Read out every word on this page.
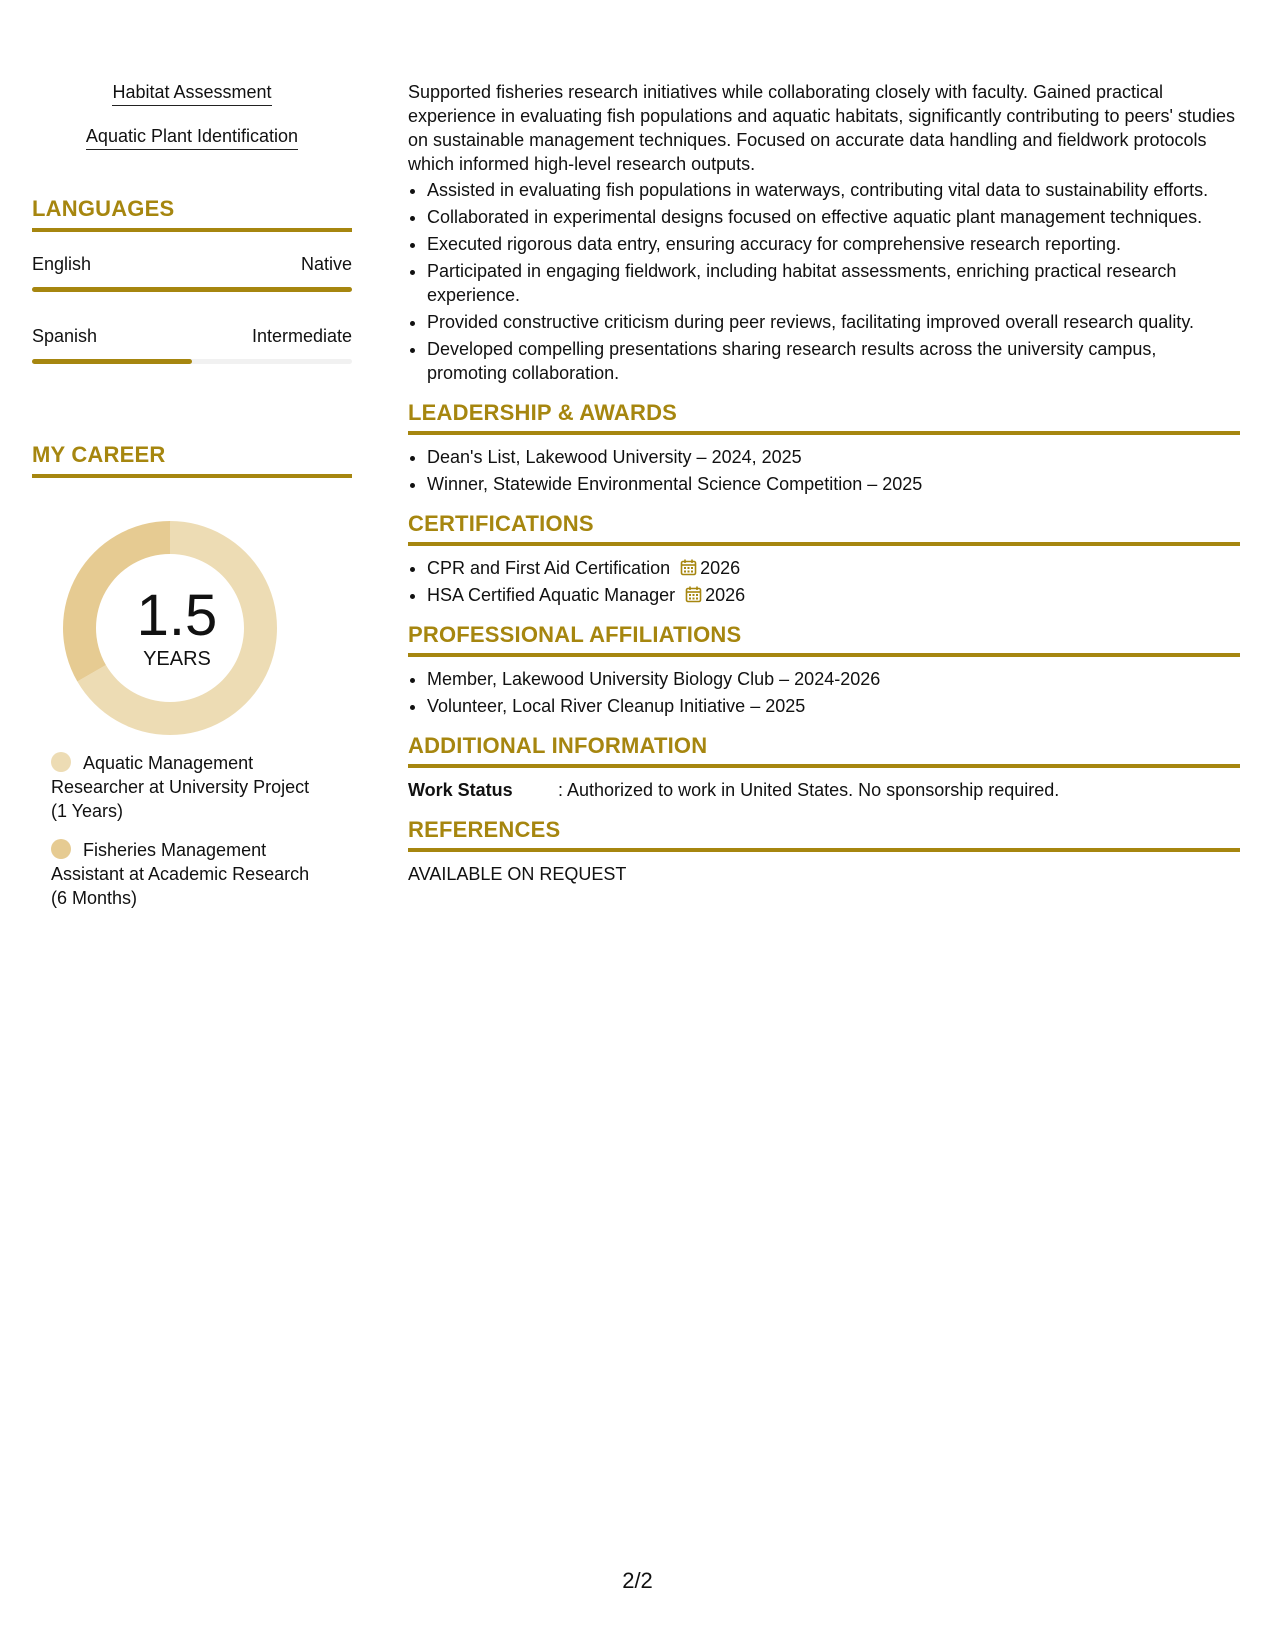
Habitat Assessment

Aquatic Plant Identification

LANGUAGES
English	Native
Spanish	Intermediate
MY CAREER
1.5
YEARS
Aquatic Management Researcher at University Project (1 Years)
Fisheries Management Assistant at Academic Research (6 Months)

Supported fisheries research initiatives while collaborating closely with faculty. Gained practical experience in evaluating fish populations and aquatic habitats, significantly contributing to peers' studies on sustainable management techniques. Focused on accurate data handling and fieldwork protocols which informed high-level research outputs.

• Assisted in evaluating fish populations in waterways, contributing vital data to sustainability efforts.
• Collaborated in experimental designs focused on effective aquatic plant management techniques.
• Executed rigorous data entry, ensuring accuracy for comprehensive research reporting.
• Participated in engaging fieldwork, including habitat assessments, enriching practical research experience.
• Provided constructive criticism during peer reviews, facilitating improved overall research quality.
• Developed compelling presentations sharing research results across the university campus, promoting collaboration.
LEADERSHIP & AWARDS
• Dean's List, Lakewood University – 2024, 2025
• Winner, Statewide Environmental Science Competition – 2025
CERTIFICATIONS
• CPR and First Aid Certification 2026
• HSA Certified Aquatic Manager 2026
PROFESSIONAL AFFILIATIONS
• Member, Lakewood University Biology Club – 2024-2026
• Volunteer, Local River Cleanup Initiative – 2025
ADDITIONAL INFORMATION
Work Status	: Authorized to work in United States. No sponsorship required.
REFERENCES

AVAILABLE ON REQUEST

2/2
